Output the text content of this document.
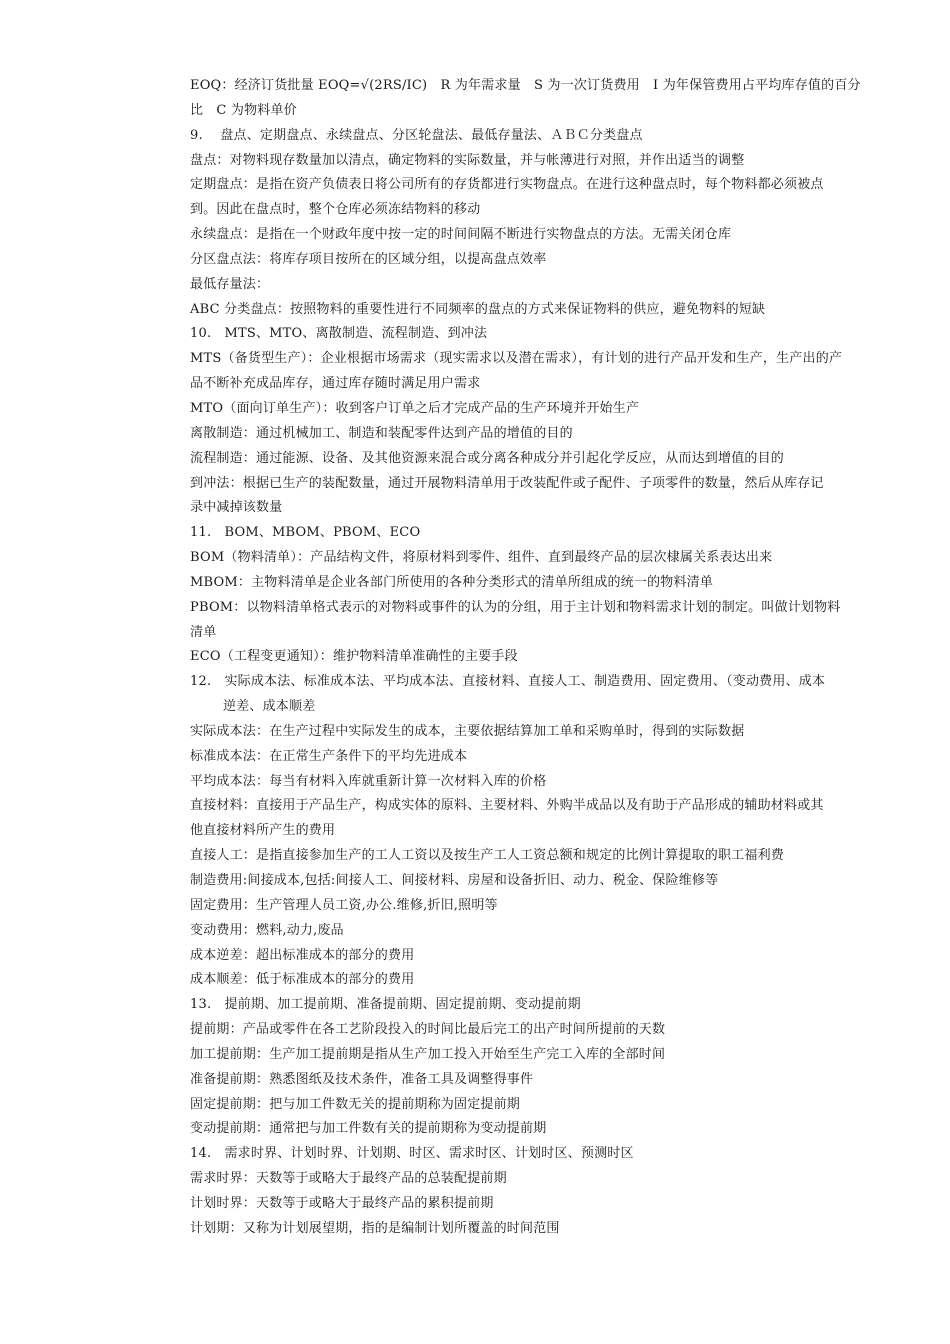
EOQ：经济订货批量 EOQ=√(2RS/IC)　R 为年需求量　S 为一次订货费用　I 为年保管费用占平均库存值的百分
比　C 为物料单价
9.　 盘点、定期盘点、永续盘点、分区轮盘法、最低存量法、ＡＢＣ分类盘点
盘点：对物料现存数量加以清点，确定物料的实际数量，并与帐薄进行对照，并作出适当的调整
定期盘点：是指在资产负债表日将公司所有的存货都进行实物盘点。在进行这种盘点时，每个物料都必须被点
到。因此在盘点时，整个仓库必须冻结物料的移动
永续盘点：是指在一个财政年度中按一定的时间间隔不断进行实物盘点的方法。无需关闭仓库
分区盘点法：将库存项目按所在的区域分组，以提高盘点效率
最低存量法：
ABC 分类盘点：按照物料的重要性进行不同频率的盘点的方式来保证物料的供应，避免物料的短缺
10.　MTS、MTO、离散制造、流程制造、到冲法
MTS（备货型生产）：企业根据市场需求（现实需求以及潜在需求），有计划的进行产品开发和生产，生产出的产
品不断补充成品库存，通过库存随时满足用户需求
MTO（面向订单生产）：收到客户订单之后才完成产品的生产环境并开始生产
离散制造：通过机械加工、制造和装配零件达到产品的增值的目的
流程制造：通过能源、设备、及其他资源来混合或分离各种成分并引起化学反应，从而达到增值的目的
到冲法：根据已生产的装配数量，通过开展物料清单用于改装配件或子配件、子项零件的数量，然后从库存记
录中减掉该数量
11.　BOM、MBOM、PBOM、ECO
BOM（物料清单）：产品结构文件，将原材料到零件、组件、直到最终产品的层次棣属关系表达出来
MBOM：主物料清单是企业各部门所使用的各种分类形式的清单所组成的统一的物料清单
PBOM：以物料清单格式表示的对物料或事件的认为的分组，用于主计划和物料需求计划的制定。叫做计划物料
清单
ECO（工程变更通知）：维护物料清单准确性的主要手段
12.　实际成本法、标准成本法、平均成本法、直接材料、直接人工、制造费用、固定费用、（变动费用、成本
逆差、成本顺差
实际成本法：在生产过程中实际发生的成本，主要依据结算加工单和采购单时，得到的实际数据
标准成本法：在正常生产条件下的平均先进成本
平均成本法：每当有材料入库就重新计算一次材料入库的价格
直接材料：直接用于产品生产，构成实体的原料、主要材料、外购半成品以及有助于产品形成的辅助材料或其
他直接材料所产生的费用
直接人工：是指直接参加生产的工人工资以及按生产工人工资总额和规定的比例计算提取的职工福利费
制造费用:间接成本,包括:间接人工、间接材料、房屋和设备折旧、动力、税金、保险维修等
固定费用：生产管理人员工资,办公.维修,折旧,照明等
变动费用：燃料,动力,废品
成本逆差：超出标准成本的部分的费用
成本顺差：低于标准成本的部分的费用
13.　提前期、加工提前期、准备提前期、固定提前期、变动提前期
提前期：产品或零件在各工艺阶段投入的时间比最后完工的出产时间所提前的天数
加工提前期：生产加工提前期是指从生产加工投入开始至生产完工入库的全部时间
准备提前期：熟悉图纸及技术条件，准备工具及调整得事件
固定提前期：把与加工件数无关的提前期称为固定提前期
变动提前期：通常把与加工件数有关的提前期称为变动提前期
14.　需求时界、计划时界、计划期、时区、需求时区、计划时区、预测时区
需求时界：天数等于或略大于最终产品的总装配提前期
计划时界：天数等于或略大于最终产品的累积提前期
计划期：又称为计划展望期，指的是编制计划所覆盖的时间范围
